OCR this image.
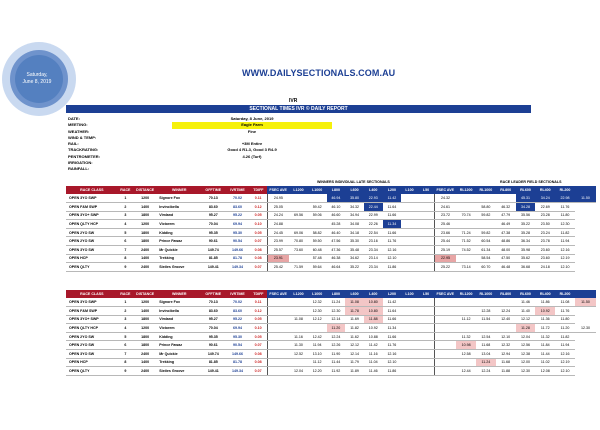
Saturday,
June 8, 2019
WWW.DAILYSECTIONALS.COM.AU
IVR
SECTIONAL TIMES IVR © DAILY REPORT
DATE:	Saturday, 8 June, 2019
MEETING:	Eagle Farm
WEATHER:	Fine
WIND & TEMP:
RAIL:	+3M Entire
TRACKRATING:	Good 4 R1-3, Good 3 R4-9
PENTROMETER:	4.26 (Turf)
IRRIGATION:
RAINFALL:
WINNERS INDIVIDUAL LATE SECTIONALS	RACE LEADER FIELD SECTIONALS
RACE CLASS	RACE	DISTANCE	WINNER	OFFTIME	IVRTIME	TDIFF	FSEC AVE	L1200	L1000	L800	L600	L400	L200	L100	L50	FSEC AVE	RL1200	RL1000	RL800	RL600	RL400	RL200	
OPEN 3YO SWP	1	1200	Signore Fox	70.13	70.02	0.11	24.95			46.94	35.80	22.93	11.42			24.32				45.31	34.24	22.98	11.50
OPEN F&M SWP	2	1400	Invincibella	83.60	83.60	0.12	25.05		59.42	46.10	34.32	22.44	11.64			24.61		58.80	46.32	34.28	22.69	11.76	
OPEN 3YO+ SWP	3	1800	Vimland	95.27	95.22	0.05	24.24	69.56	59.06	46.60	34.94	22.99	11.66			23.72	70.74	59.82	47.79	35.56	23.28	11.80	
OPEN QLTY HCP	4	1200	Victorem	70.04	69.94	0.10	24.88			45.28	34.08	22.26	11.34			25.46			46.49	35.22	23.50	12.30	
OPEN 2YO SW	5	1800	Kidding	95.35	95.30	0.05	24.45	69.06	58.82	46.40	34.18	22.54	11.66			23.66	71.24	59.82	47.38	35.28	23.24	11.82	
OPEN 2YO SW	6	1800	Prince Fawaz	90.61	90.54	0.07	23.99	70.80	59.50	47.56	35.30	23.16	11.76			25.44	71.52	60.54	48.86	36.34	23.78	11.94	
OPEN 3YO SW	7	2400	Mr Quickie	149.74	149.66	0.08	25.57	73.60	60.48	47.36	35.48	23.34	12.16			25.19	74.52	61.34	48.00	35.98	23.60	12.16	
OPEN HCP	8	1400	Trekking	81.85	81.78	0.08	23.91		57.48	46.38	34.62	23.14	12.10			22.95		58.54	47.50	35.62	23.60	12.19	
OPEN QLTY	9	2400	Sixties Groove	149.41	149.34	0.07	25.42	71.59	59.64	46.64	35.22	23.34	11.86			25.22	73.14	60.70	46.48	36.68	24.18	12.10	
RACE CLASS	RACE	DISTANCE	WINNER	OFFTIME	IVRTIME	TDIFF	FSEC AVE	L1200	L1000	L800	L600	L400	L200	L100	L50	FSEC AVE	RL1200	RL1000	RL800	RL600	RL400	RL200	
OPEN 3YO SWP	1	1200	Signore Fox	70.13	70.02	0.11			12.32	11.24	11.08	10.80	11.42							11.46	11.86	11.08	11.50
OPEN F&M SWP	2	1400	Invincibella	83.60	83.60	0.12			12.30	12.30	11.78	10.80	11.64					12.28	12.24	11.40	10.92	11.76	
OPEN 3YO+ SWP	3	1800	Vimland	95.27	95.22	0.05		11.08	12.12	12.14	11.69	11.88	11.66				11.12	11.54	12.40	12.12	11.36	11.80	
OPEN QLTY HCP	4	1200	Victorem	70.04	69.94	0.10				11.20	11.82	10.92	11.34							11.28	11.72	11.20	12.30
OPEN 2YO SW	5	1800	Kidding	95.35	95.30	0.05		11.16	12.42	12.24	11.62	10.88	11.66				11.32	12.54	12.10	12.04	11.32	11.82	
OPEN 2YO SW	6	1800	Prince Fawaz	90.61	90.54	0.07		11.30	11.94	12.26	12.12	11.42	11.76				10.98	11.68	12.32	12.56	11.84	11.94	
OPEN 3YO SW	7	2400	Mr Quickie	149.74	149.66	0.08		12.52	13.10	11.90	12.14	11.16	12.16				12.58	13.04	12.94	12.38	11.44	12.16	
OPEN HCP	8	1400	Trekking	81.85	81.78	0.08			11.12	11.44	11.79	11.04	12.10					11.24	11.68	12.00	11.02	12.19	
OPEN QLTY	9	2400	Sixties Groove	149.41	149.34	0.07		12.04	12.20	11.92	11.89	11.46	11.86				12.44	12.24	11.88	12.30	12.08	12.10	
